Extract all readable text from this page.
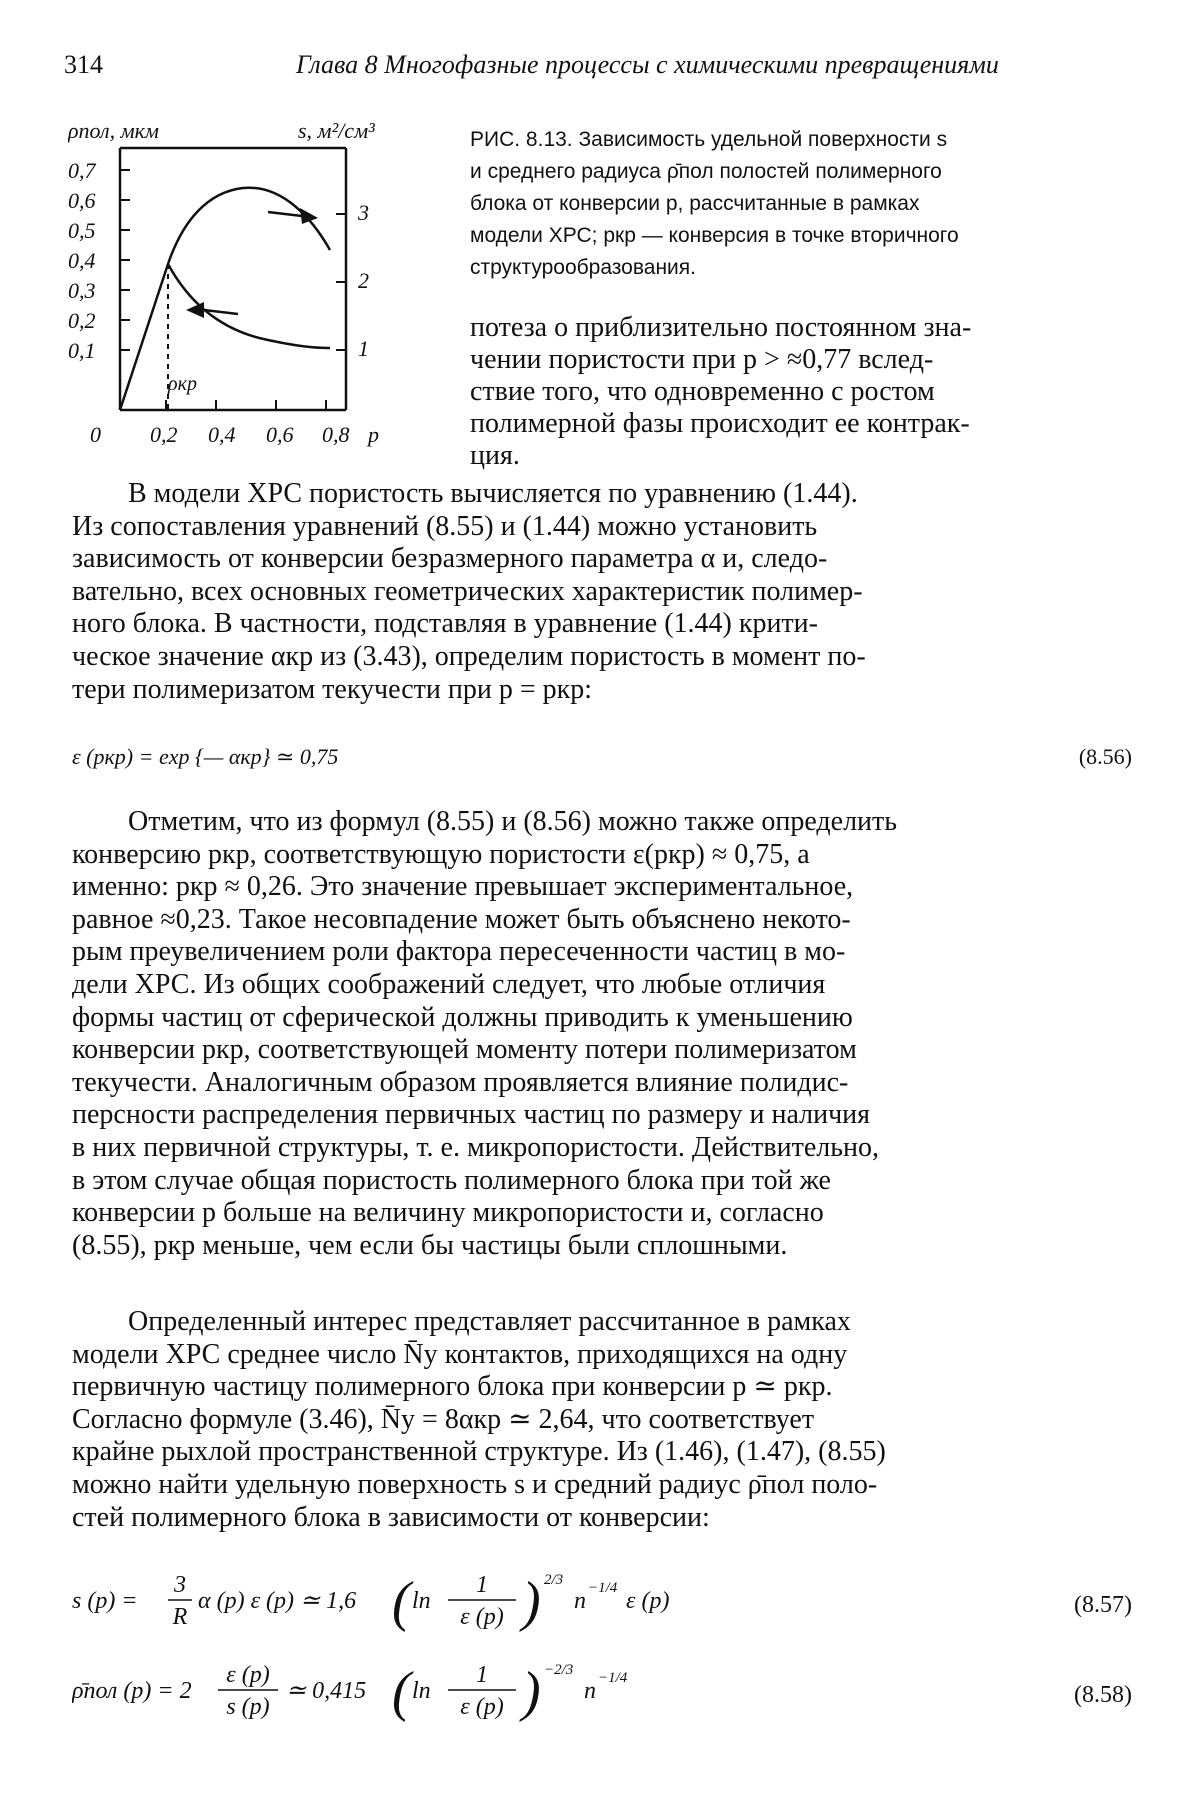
314	Глава 8 Многофазные процессы с химическими превращениями
ρпол, мкм	s, м²/см³
0,7
0,6
0,5
0,4
0,3
0,2
0,1
3
2
1
0 0,2 0,4 0,6 0,8 p
ρкр
РИС. 8.13. Зависимость удельной поверхности s
и среднего радиуса ρ̄пол полостей полимерного
блока от конверсии p, рассчитанные в рамках
модели ХРС; pкр — конверсия в точке вторичного
структурообразования.
потеза о приблизительно постоянном зна-
чении пористости при p > ≈0,77 вслед-
ствие того, что одновременно с ростом
полимерной фазы происходит ее контрак-
ция.
В модели ХРС пористость вычисляется по уравнению (1.44).
Из сопоставления уравнений (8.55) и (1.44) можно установить
зависимость от конверсии безразмерного параметра α и, следо-
вательно, всех основных геометрических характеристик полимер-
ного блока. В частности, подставляя в уравнение (1.44) крити-
ческое значение αкр из (3.43), определим пористость в момент по-
тери полимеризатом текучести при p = pкр:
ε (pкр) = exp {— αкр} ≃ 0,75	(8.56)
Отметим, что из формул (8.55) и (8.56) можно также определить
конверсию pкр, соответствующую пористости ε(pкр) ≈ 0,75, а
именно: pкр ≈ 0,26. Это значение превышает экспериментальное,
равное ≈0,23. Такое несовпадение может быть объяснено некото-
рым преувеличением роли фактора пересеченности частиц в мо-
дели ХРС. Из общих соображений следует, что любые отличия
формы частиц от сферической должны приводить к уменьшению
конверсии pкр, соответствующей моменту потери полимеризатом
текучести. Аналогичным образом проявляется влияние полидис-
персности распределения первичных частиц по размеру и наличия
в них первичной структуры, т. е. микропористости. Действительно,
в этом случае общая пористость полимерного блока при той же
конверсии p больше на величину микропористости и, согласно
(8.55), pкр меньше, чем если бы частицы были сплошными.
Определенный интерес представляет рассчитанное в рамках
модели ХРС среднее число N̄у контактов, приходящихся на одну
первичную частицу полимерного блока при конверсии p ≃ pкр.
Согласно формуле (3.46), N̄у = 8αкр ≃ 2,64, что соответствует
крайне рыхлой пространственной структуре. Из (1.46), (1.47), (8.55)
можно найти удельную поверхность s и средний радиус ρ̄пол поло-
стей полимерного блока в зависимости от конверсии:
s (p) =
3
R
α (p) ε (p) ≃ 1,6 ( ln
1
ε (p) ) 2/3
n −1/4 ε (p)	(8.57)
ρ̄пол (p) = 2
ε (p)
s (p)
≃ 0,415 ( ln
1
ε (p) ) −2/3
n −1/4
(8.58)
